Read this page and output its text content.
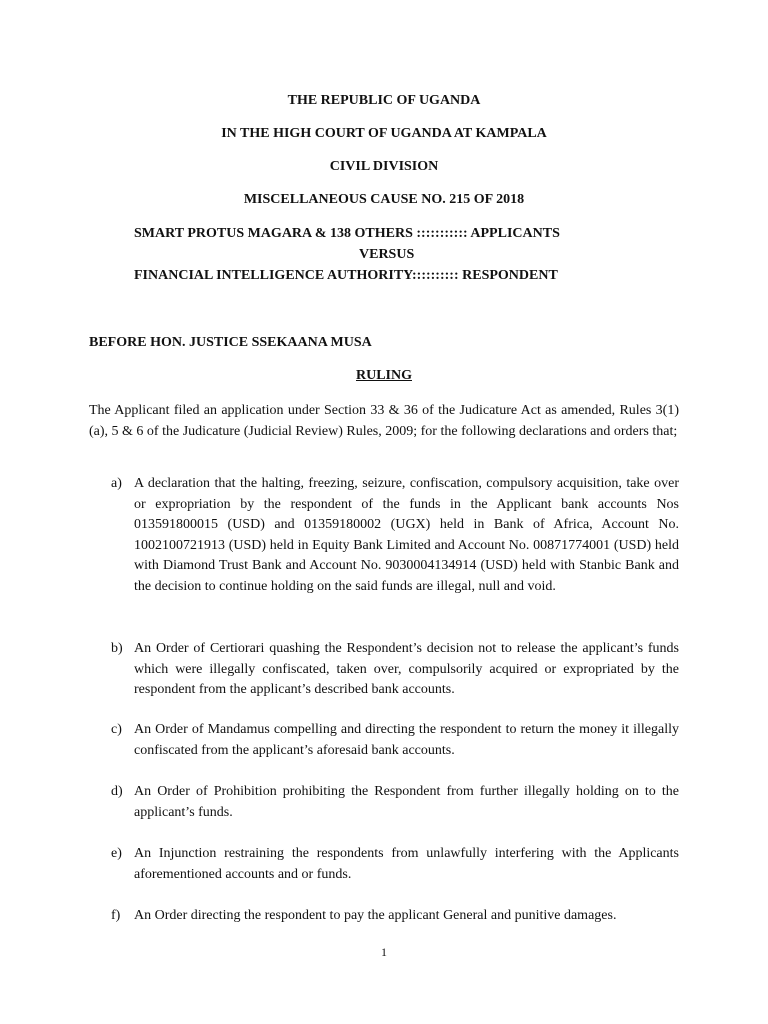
THE REPUBLIC OF UGANDA
IN THE HIGH COURT OF UGANDA AT KAMPALA
CIVIL DIVISION
MISCELLANEOUS CAUSE NO. 215 OF 2018
SMART PROTUS MAGARA & 138 OTHERS ::::::::::: APPLICANTS
VERSUS
FINANCIAL INTELLIGENCE AUTHORITY:::::::::: RESPONDENT
BEFORE HON. JUSTICE SSEKAANA MUSA
RULING
The Applicant filed an application under Section 33 & 36 of the Judicature Act as amended, Rules 3(1)(a), 5 & 6 of the Judicature (Judicial Review) Rules, 2009; for the following declarations and orders that;
a) A declaration that the halting, freezing, seizure, confiscation, compulsory acquisition, take over or expropriation by the respondent of the funds in the Applicant bank accounts Nos 013591800015 (USD) and 01359180002 (UGX) held in Bank of Africa, Account No. 1002100721913 (USD) held in Equity Bank Limited and Account No. 00871774001 (USD) held with Diamond Trust Bank and Account No. 9030004134914 (USD) held with Stanbic Bank and the decision to continue holding on the said funds are illegal, null and void.
b) An Order of Certiorari quashing the Respondent’s decision not to release the applicant’s funds which were illegally confiscated, taken over, compulsorily acquired or expropriated by the respondent from the applicant’s described bank accounts.
c) An Order of Mandamus compelling and directing the respondent to return the money it illegally confiscated from the applicant’s aforesaid bank accounts.
d) An Order of Prohibition prohibiting the Respondent from further illegally holding on to the applicant’s funds.
e) An Injunction restraining the respondents from unlawfully interfering with the Applicants aforementioned accounts and or funds.
f) An Order directing the respondent to pay the applicant General and punitive damages.
1
